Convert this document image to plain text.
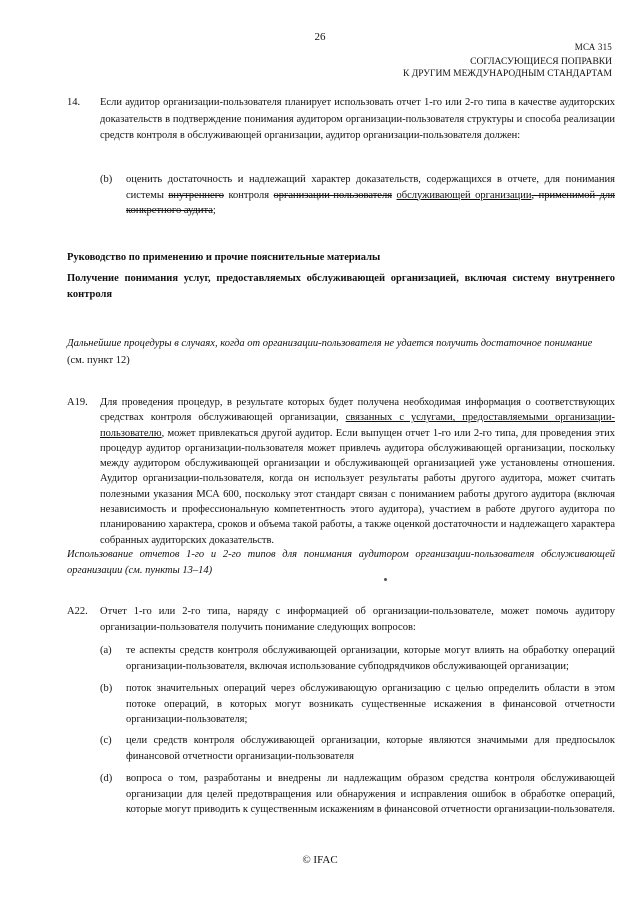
26
МСА 315
СОГЛАСУЮЩИЕСЯ ПОПРАВКИ
К ДРУГИМ МЕЖДУНАРОДНЫМ СТАНДАРТАМ
14. Если аудитор организации-пользователя планирует использовать отчет 1-го или 2-го типа в качестве аудиторских доказательств в подтверждение понимания аудитором организации-пользователя структуры и способа реализации средств контроля в обслуживающей организации, аудитор организации-пользователя должен:
(b) оценить достаточность и надлежащий характер доказательств, содержащихся в отчете, для понимания системы внутреннего контроля организации-пользователя обслуживающей организации, применимой для конкретного аудита;
Руководство по применению и прочие пояснительные материалы
Получение понимания услуг, предоставляемых обслуживающей организацией, включая систему внутреннего контроля
Дальнейшие процедуры в случаях, когда от организации-пользователя не удается получить достаточное понимание
(см. пункт 12)
A19. Для проведения процедур, в результате которых будет получена необходимая информация о соответствующих средствах контроля обслуживающей организации, связанных с услугами, предоставляемыми организации-пользователю, может привлекаться другой аудитор. Если выпущен отчет 1-го или 2-го типа, для проведения этих процедур аудитор организации-пользователя может привлечь аудитора обслуживающей организации, поскольку между аудитором обслуживающей организации и обслуживающей организацией уже установлены отношения. Аудитор организации-пользователя, когда он использует результаты работы другого аудитора, может считать полезными указания МСА 600, поскольку этот стандарт связан с пониманием работы другого аудитора (включая независимость и профессиональную компетентность этого аудитора), участием в работе другого аудитора по планированию характера, сроков и объема такой работы, а также оценкой достаточности и надлежащего характера собранных аудиторских доказательств.
Использование отчетов 1-го и 2-го типов для понимания аудитором организации-пользователя обслуживающей организации (см. пункты 13–14)
A22. Отчет 1-го или 2-го типа, наряду с информацией об организации-пользователе, может помочь аудитору организации-пользователя получить понимание следующих вопросов:
(a) те аспекты средств контроля обслуживающей организации, которые могут влиять на обработку операций организации-пользователя, включая использование субподрядчиков обслуживающей организации;
(b) поток значительных операций через обслуживающую организацию с целью определить области в этом потоке операций, в которых могут возникать существенные искажения в финансовой отчетности организации-пользователя;
(c) цели средств контроля обслуживающей организации, которые являются значимыми для предпосылок финансовой отчетности организации-пользователя
(d) вопроса о том, разработаны и внедрены ли надлежащим образом средства контроля обслуживающей организации для целей предотвращения или обнаружения и исправления ошибок в обработке операций, которые могут приводить к существенным искажениям в финансовой отчетности организации-пользователя.
© IFAC
